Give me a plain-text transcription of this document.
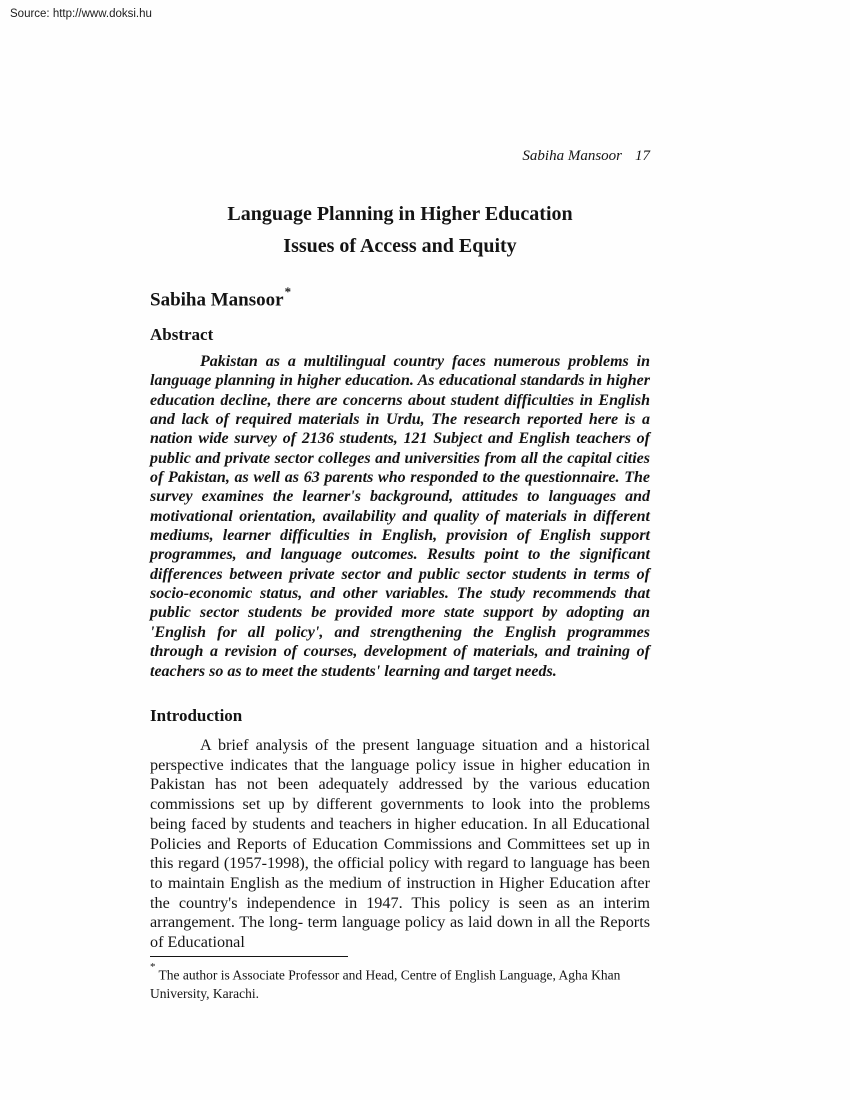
Source: http://www.doksi.hu
Sabiha Mansoor 17
Language Planning in Higher Education
Issues of Access and Equity
Sabiha Mansoor*
Abstract

Pakistan as a multilingual country faces numerous problems in language planning in higher education. As educational standards in higher education decline, there are concerns about student difficulties in English and lack of required materials in Urdu, The research reported here is a nation wide survey of 2136 students, 121 Subject and English teachers of public and private sector colleges and universities from all the capital cities of Pakistan, as well as 63 parents who responded to the questionnaire. The survey examines the learner's background, attitudes to languages and motivational orientation, availability and quality of materials in different mediums, learner difficulties in English, provision of English support programmes, and language outcomes. Results point to the significant differences between private sector and public sector students in terms of socio-economic status, and other variables. The study recommends that public sector students be provided more state support by adopting an 'English for all policy', and strengthening the English programmes through a revision of courses, development of materials, and training of teachers so as to meet the students' learning and target needs.

Introduction

A brief analysis of the present language situation and a historical perspective indicates that the language policy issue in higher education in Pakistan has not been adequately addressed by the various education commissions set up by different governments to look into the problems being faced by students and teachers in higher education. In all Educational Policies and Reports of Education Commissions and Committees set up in this regard (1957-1998), the official policy with regard to language has been to maintain English as the medium of instruction in Higher Education after the country's independence in 1947. This policy is seen as an interim arrangement. The long- term language policy as laid down in all the Reports of Educational

*The author is Associate Professor and Head, Centre of English Language, Agha Khan University, Karachi.
